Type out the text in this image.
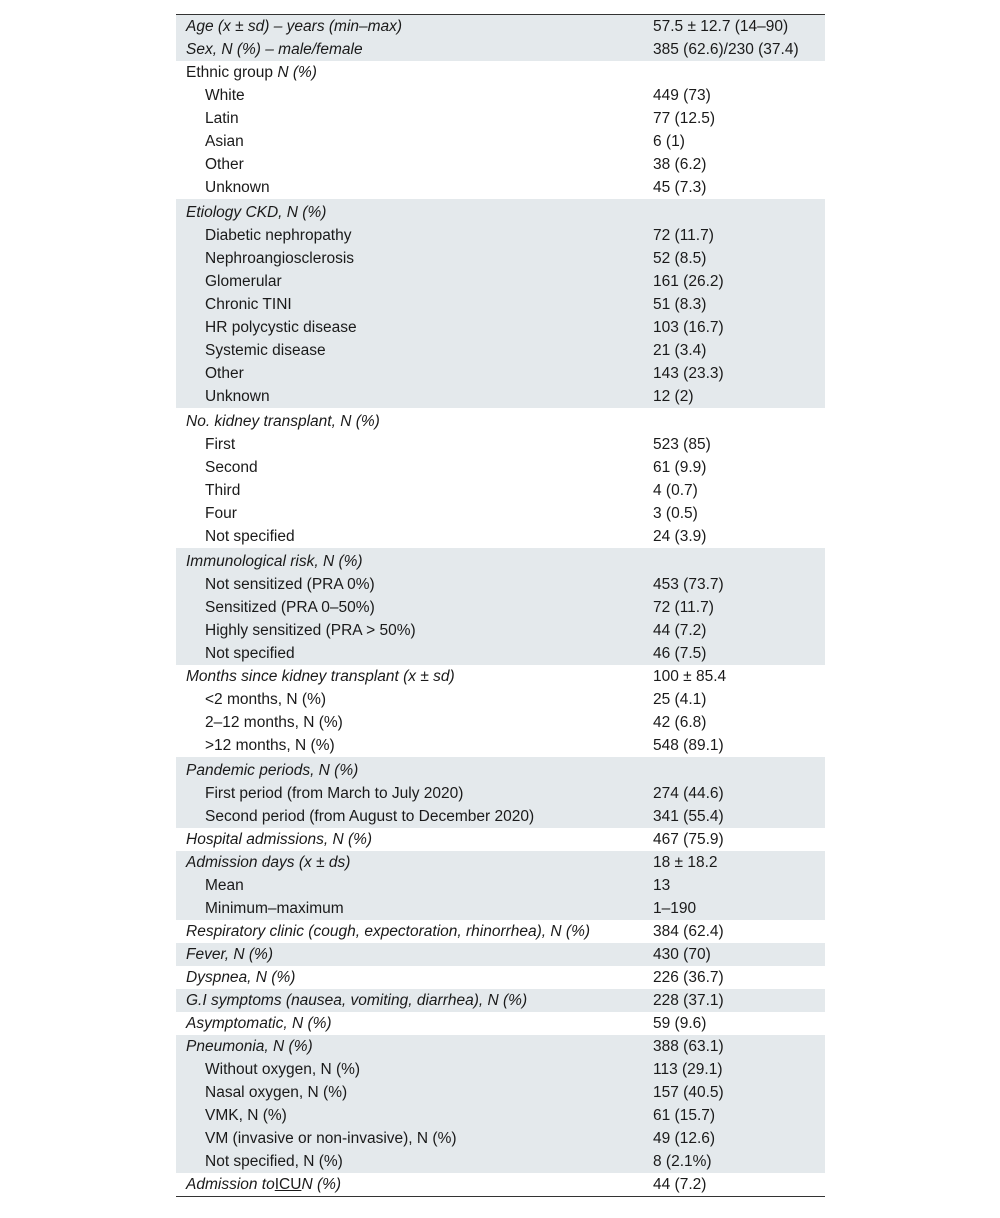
Age (x ± sd) – years (min–max)	57.5 ± 12.7 (14–90)
Sex, N (%) – male/female	385 (62.6)/230 (37.4)
Ethnic group N (%)	
White	449 (73)
Latin	77 (12.5)
Asian	6 (1)
Other	38 (6.2)
Unknown	45 (7.3)
Etiology CKD, N (%)	
Diabetic nephropathy	72 (11.7)
Nephroangiosclerosis	52 (8.5)
Glomerular	161 (26.2)
Chronic TINI	51 (8.3)
HR polycystic disease	103 (16.7)
Systemic disease	21 (3.4)
Other	143 (23.3)
Unknown	12 (2)
No. kidney transplant, N (%)	
First	523 (85)
Second	61 (9.9)
Third	4 (0.7)
Four	3 (0.5)
Not specified	24 (3.9)
Immunological risk, N (%)	
Not sensitized (PRA 0%)	453 (73.7)
Sensitized (PRA 0–50%)	72 (11.7)
Highly sensitized (PRA > 50%)	44 (7.2)
Not specified	46 (7.5)
Months since kidney transplant (x ± sd)	100 ± 85.4
<2 months, N (%)	25 (4.1)
2–12 months, N (%)	42 (6.8)
>12 months, N (%)	548 (89.1)
Pandemic periods, N (%)	
First period (from March to July 2020)	274 (44.6)
Second period (from August to December 2020)	341 (55.4)
Hospital admissions, N (%)	467 (75.9)
Admission days (x ± ds)	18 ± 18.2
Mean	13
Minimum–maximum	1–190
Respiratory clinic (cough, expectoration, rhinorrhea), N (%)	384 (62.4)
Fever, N (%)	430 (70)
Dyspnea, N (%)	226 (36.7)
G.I symptoms (nausea, vomiting, diarrhea), N (%)	228 (37.1)
Asymptomatic, N (%)	59 (9.6)
Pneumonia, N (%)	388 (63.1)
Without oxygen, N (%)	113 (29.1)
Nasal oxygen, N (%)	157 (40.5)
VMK, N (%)	61 (15.7)
VM (invasive or non-invasive), N (%)	49 (12.6)
Not specified, N (%)	8 (2.1%)
Admission toICUN (%)	44 (7.2)
